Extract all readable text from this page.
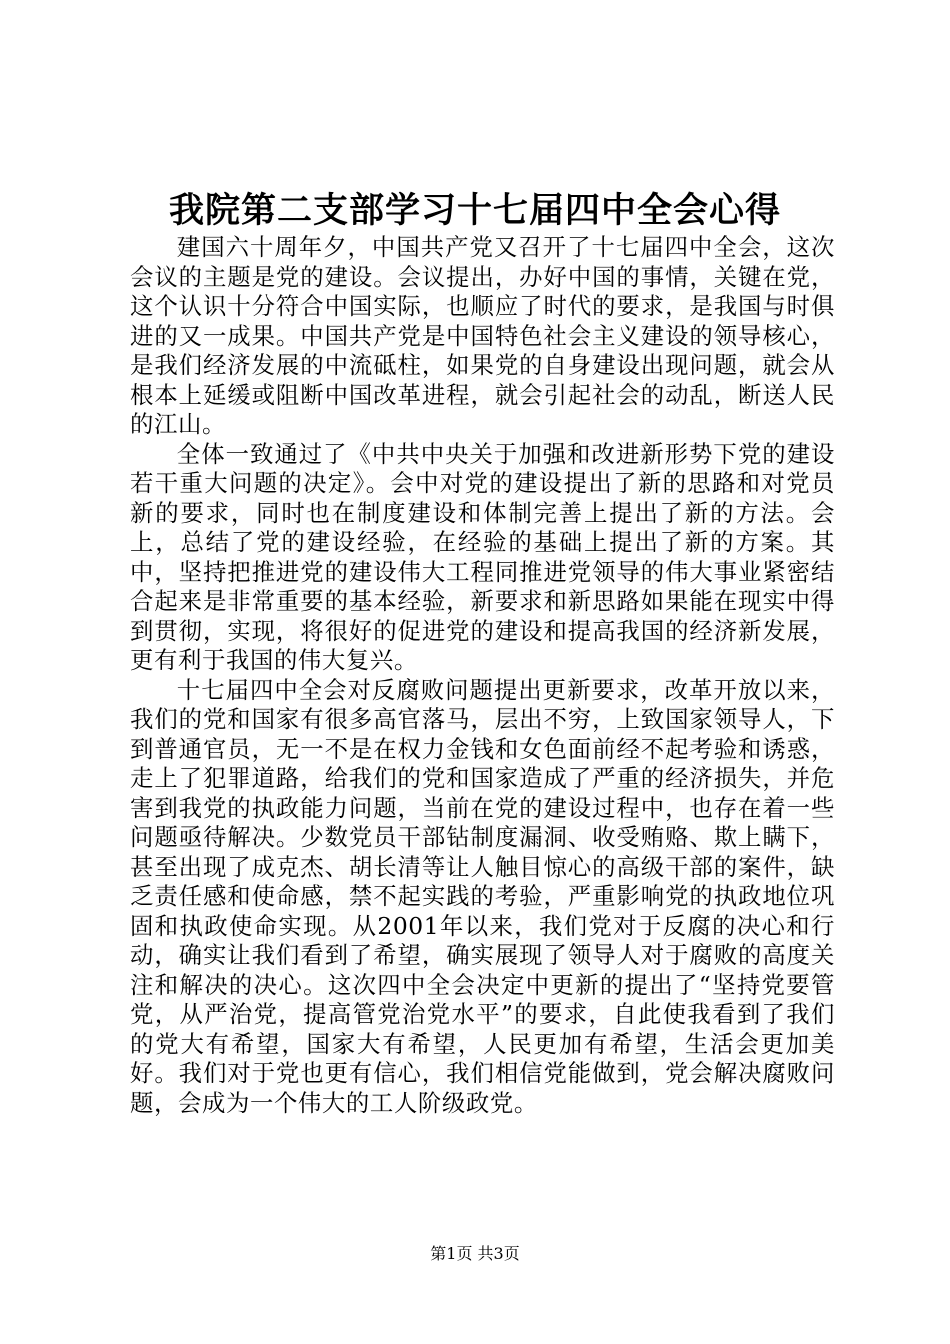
我院第二支部学习十七届四中全会心得

建国六十周年夕，中国共产党又召开了十七届四中全会，这次会议的主题是党的建设。会议提出，办好中国的事情，关键在党，这个认识十分符合中国实际，也顺应了时代的要求，是我国与时俱进的又一成果。中国共产党是中国特色社会主义建设的领导核心，是我们经济发展的中流砥柱，如果党的自身建设出现问题，就会从根本上延缓或阻断中国改革进程，就会引起社会的动乱，断送人民的江山。

全体一致通过了《中共中央关于加强和改进新形势下党的建设若干重大问题的决定》。会中对党的建设提出了新的思路和对党员新的要求，同时也在制度建设和体制完善上提出了新的方法。会上，总结了党的建设经验，在经验的基础上提出了新的方案。其中，坚持把推进党的建设伟大工程同推进党领导的伟大事业紧密结合起来是非常重要的基本经验，新要求和新思路如果能在现实中得到贯彻，实现，将很好的促进党的建设和提高我国的经济新发展，更有利于我国的伟大复兴。

十七届四中全会对反腐败问题提出更新要求，改革开放以来，我们的党和国家有很多高官落马，层出不穷，上致国家领导人，下到普通官员，无一不是在权力金钱和女色面前经不起考验和诱惑，走上了犯罪道路，给我们的党和国家造成了严重的经济损失，并危害到我党的执政能力问题，当前在党的建设过程中，也存在着一些问题亟待解决。少数党员干部钻制度漏洞、收受贿赂、欺上瞒下，甚至出现了成克杰、胡长清等让人触目惊心的高级干部的案件，缺乏责任感和使命感，禁不起实践的考验，严重影响党的执政地位巩固和执政使命实现。从2001年以来，我们党对于反腐的决心和行动，确实让我们看到了希望，确实展现了领导人对于腐败的高度关注和解决的决心。这次四中全会决定中更新的提出了“坚持党要管党，从严治党，提高管党治党水平”的要求，自此使我看到了我们的党大有希望，国家大有希望，人民更加有希望，生活会更加美好。我们对于党也更有信心，我们相信党能做到，党会解决腐败问题，会成为一个伟大的工人阶级政党。

第1页 共3页
